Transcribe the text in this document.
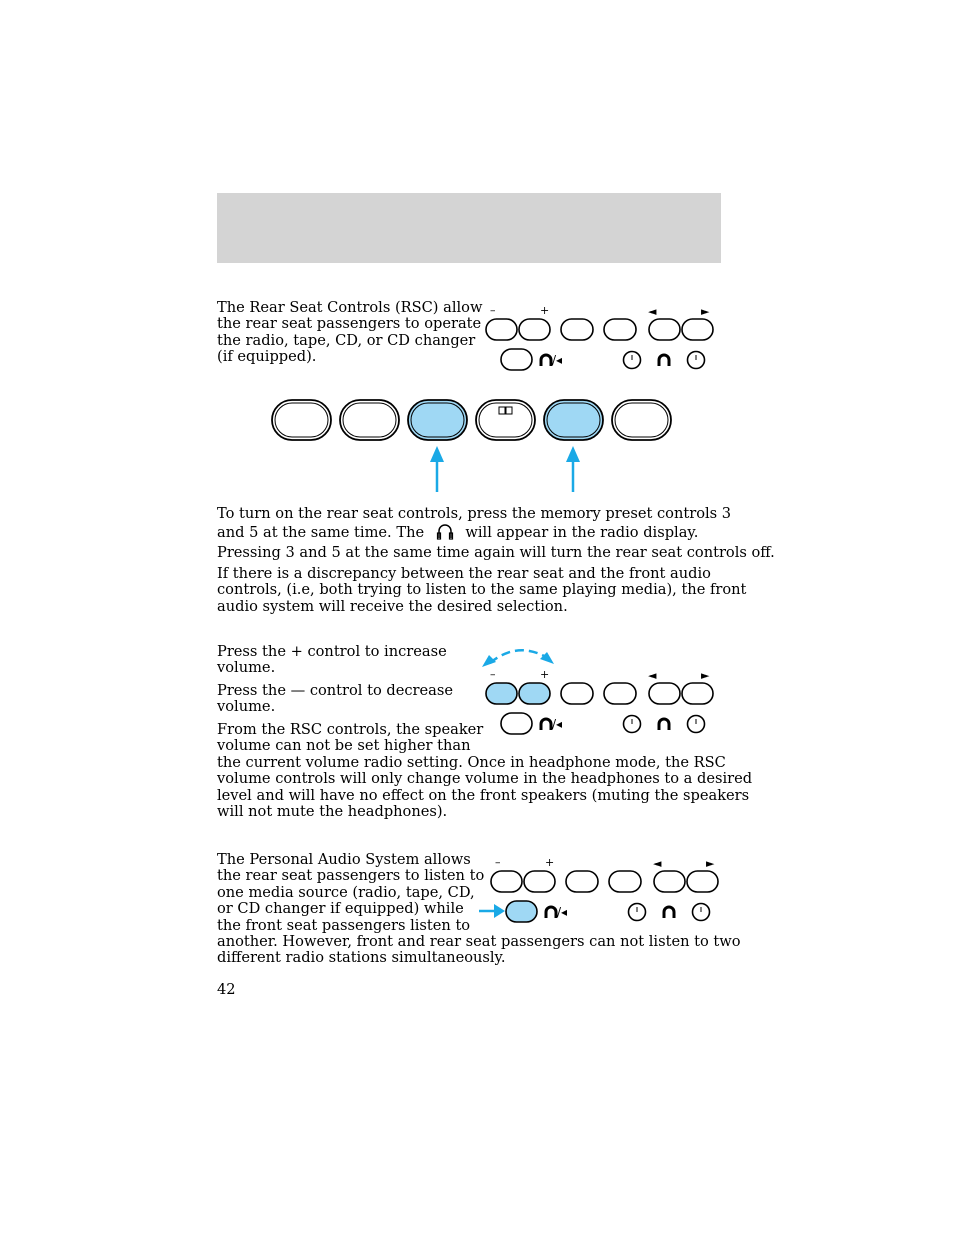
The Rear Seat Controls (RSC) allow
the rear seat passengers to operate
the radio, tape, CD, or CD changer
(if equipped).

–	+	◄	►
/◂

To turn on the rear seat controls, press the memory preset controls 3
and 5 at the same time. The	will appear in the radio display.

Pressing 3 and 5 at the same time again will turn the rear seat controls off.

If there is a discrepancy between the rear seat and the front audio
controls, (i.e, both trying to listen to the same playing media), the front
audio system will receive the desired selection.

Press the + control to increase
volume.

Press the — control to decrease
volume.

From the RSC controls, the speaker
volume can not be set higher than
the current volume radio setting. Once in headphone mode, the RSC
volume controls will only change volume in the headphones to a desired
level and will have no effect on the front speakers (muting the speakers
will not mute the headphones).

–	+	◄	►
/◂

The Personal Audio System allows
the rear seat passengers to listen to
one media source (radio, tape, CD,
or CD changer if equipped) while
the front seat passengers listen to
another. However, front and rear seat passengers can not listen to two
different radio stations simultaneously.

–	+	◄	►
/◂
42
